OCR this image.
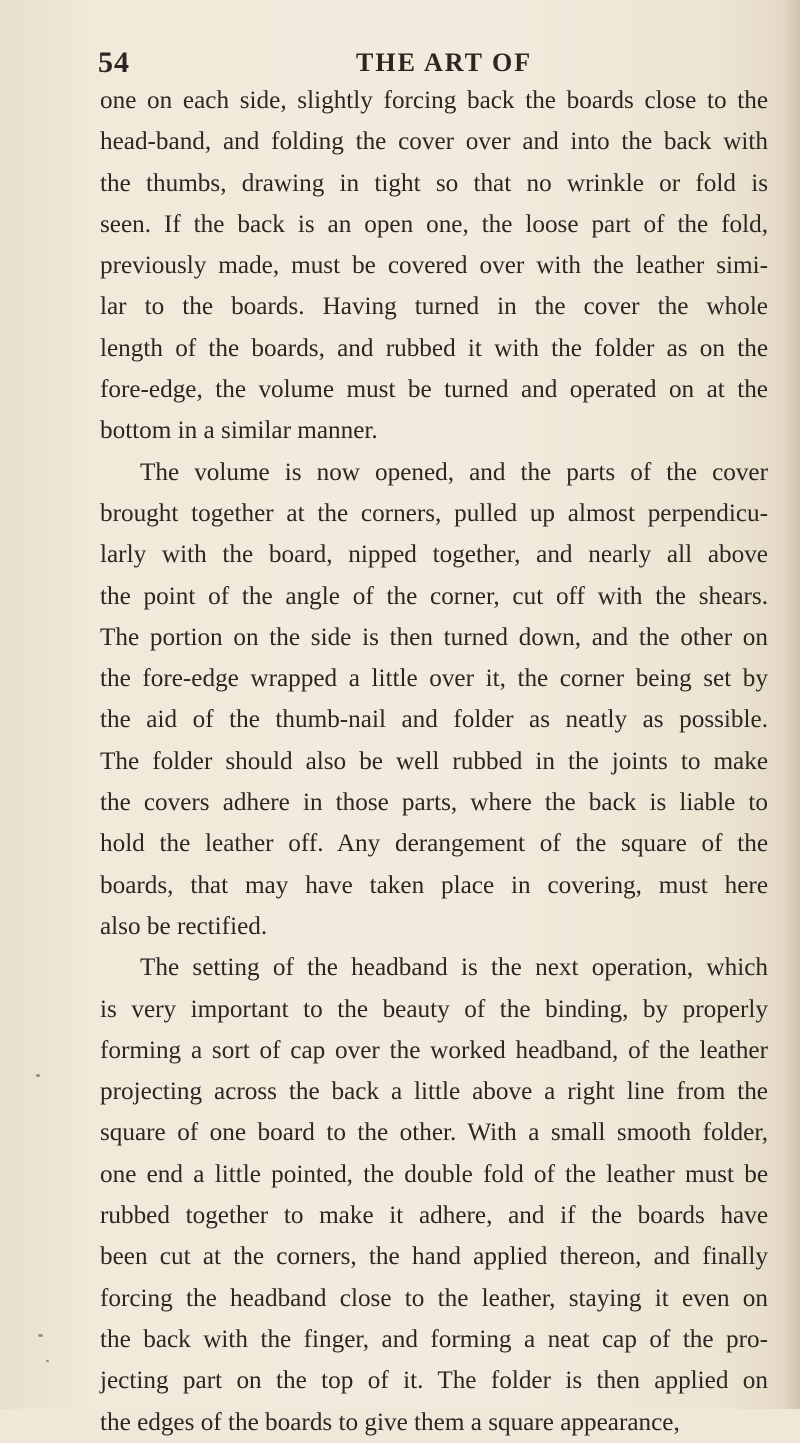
54	THE ART OF
one on each side, slightly forcing back the boards close to the
head-band, and folding the cover over and into the back with
the thumbs, drawing in tight so that no wrinkle or fold is
seen. If the back is an open one, the loose part of the fold,
previously made, must be covered over with the leather simi-
lar to the boards. Having turned in the cover the whole
length of the boards, and rubbed it with the folder as on the
fore-edge, the volume must be turned and operated on at the
bottom in a similar manner.
The volume is now opened, and the parts of the cover
brought together at the corners, pulled up almost perpendicu-
larly with the board, nipped together, and nearly all above
the point of the angle of the corner, cut off with the shears.
The portion on the side is then turned down, and the other on
the fore-edge wrapped a little over it, the corner being set by
the aid of the thumb-nail and folder as neatly as possible.
The folder should also be well rubbed in the joints to make
the covers adhere in those parts, where the back is liable to
hold the leather off. Any derangement of the square of the
boards, that may have taken place in covering, must here
also be rectified.
The setting of the headband is the next operation, which
is very important to the beauty of the binding, by properly
forming a sort of cap over the worked headband, of the leather
projecting across the back a little above a right line from the
square of one board to the other. With a small smooth folder,
one end a little pointed, the double fold of the leather must be
rubbed together to make it adhere, and if the boards have
been cut at the corners, the hand applied thereon, and finally
forcing the headband close to the leather, staying it even on
the back with the finger, and forming a neat cap of the pro-
jecting part on the top of it. The folder is then applied on
the edges of the boards to give them a square appearance,
